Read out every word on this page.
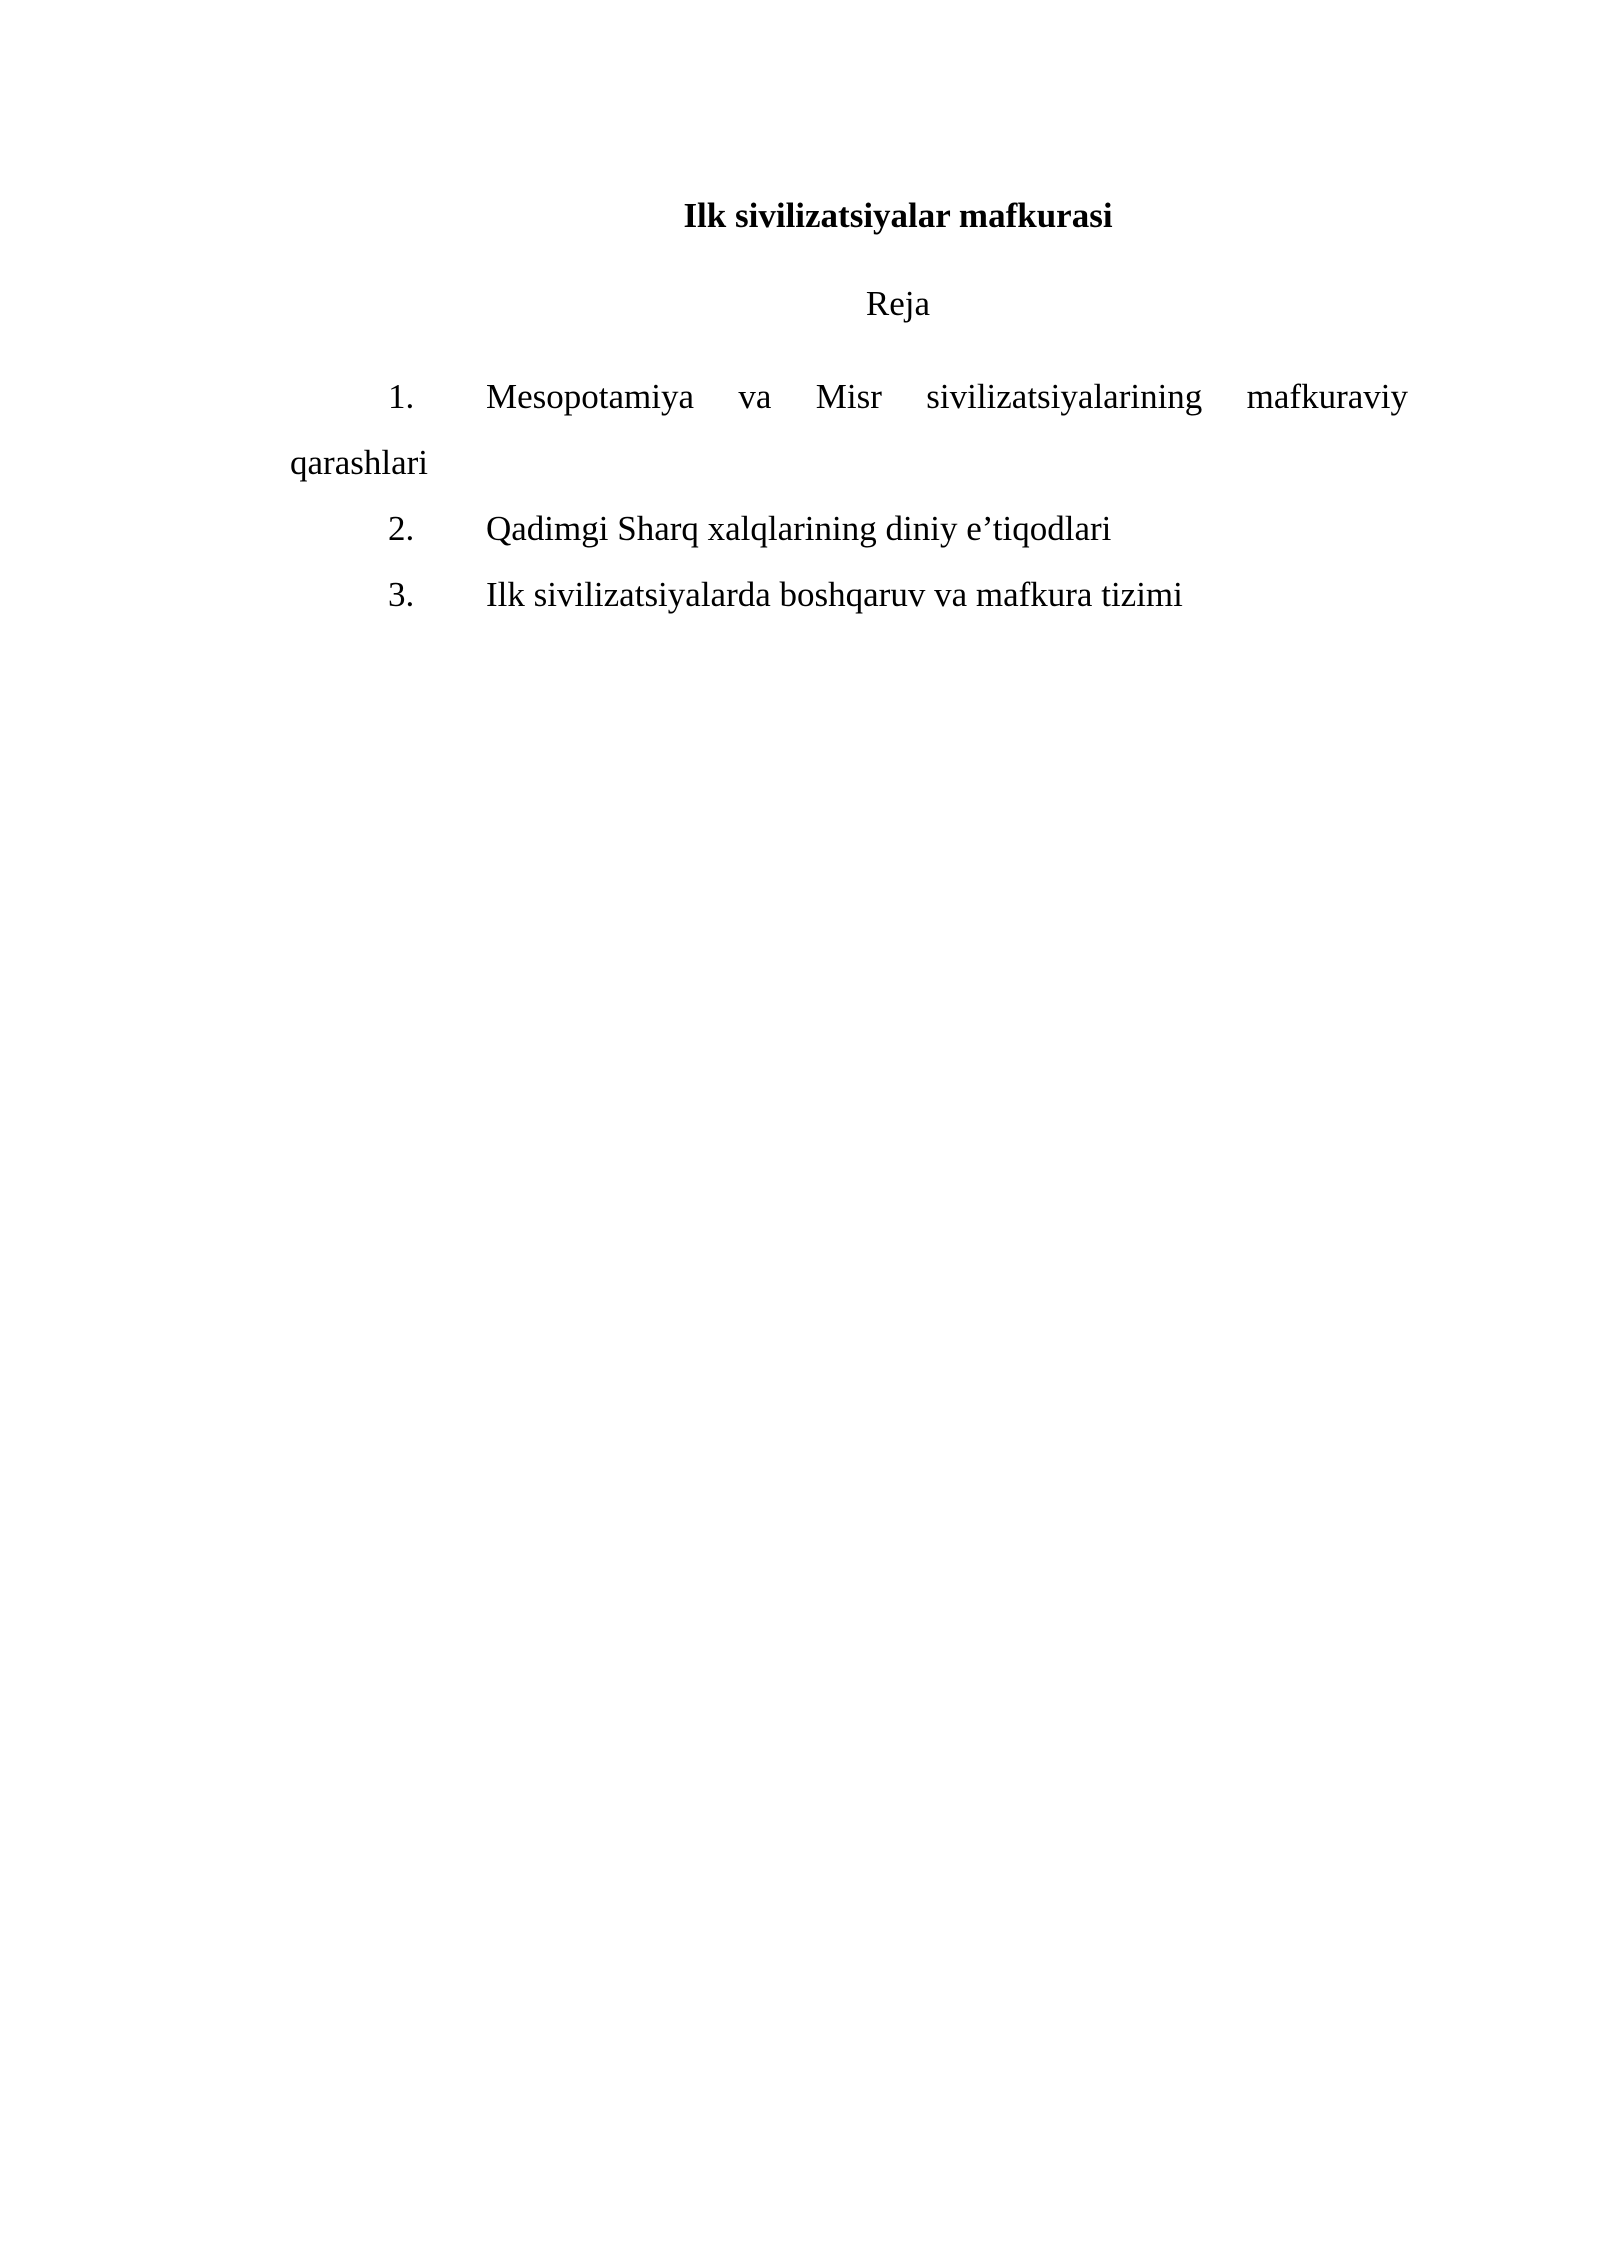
Ilk sivilizatsiyalar mafkurasi

Reja

1. Mesopotamiya va Misr sivilizatsiyalarining mafkuraviy
qarashlari
2.	Qadimgi Sharq xalqlarining diniy e’tiqodlari
3.	Ilk sivilizatsiyalarda boshqaruv va mafkura tizimi
